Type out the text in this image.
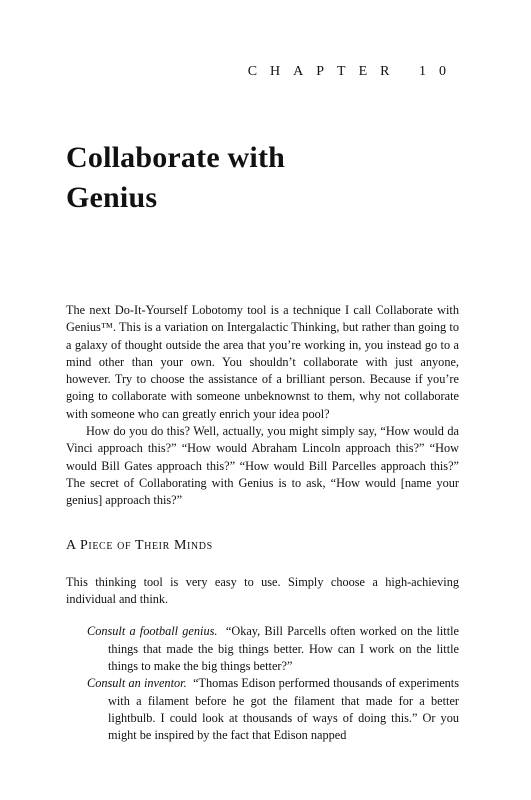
CHAPTER 10
Collaborate with
Genius

The next Do-It-Yourself Lobotomy tool is a technique I call Collaborate with Genius™. This is a variation on Intergalactic Thinking, but rather than going to a galaxy of thought outside the area that you’re working in, you instead go to a mind other than your own. You shouldn’t collaborate with just anyone, however. Try to choose the assistance of a brilliant person. Because if you’re going to collaborate with someone unbeknownst to them, why not collaborate with someone who can greatly enrich your idea pool?

How do you do this? Well, actually, you might simply say, “How would da Vinci approach this?” “How would Abraham Lincoln approach this?” “How would Bill Gates approach this?” “How would Bill Parcelles approach this?” The secret of Collaborating with Genius is to ask, “How would [name your genius] approach this?”

A Piece of Their Minds

This thinking tool is very easy to use. Simply choose a high-achieving individual and think.

Consult a football genius. “Okay, Bill Parcells often worked on the little things that made the big things better. How can I work on the little things to make the big things better?”

Consult an inventor. “Thomas Edison performed thousands of experiments with a filament before he got the filament that made for a better lightbulb. I could look at thousands of ways of doing this.” Or you might be inspired by the fact that Edison napped
